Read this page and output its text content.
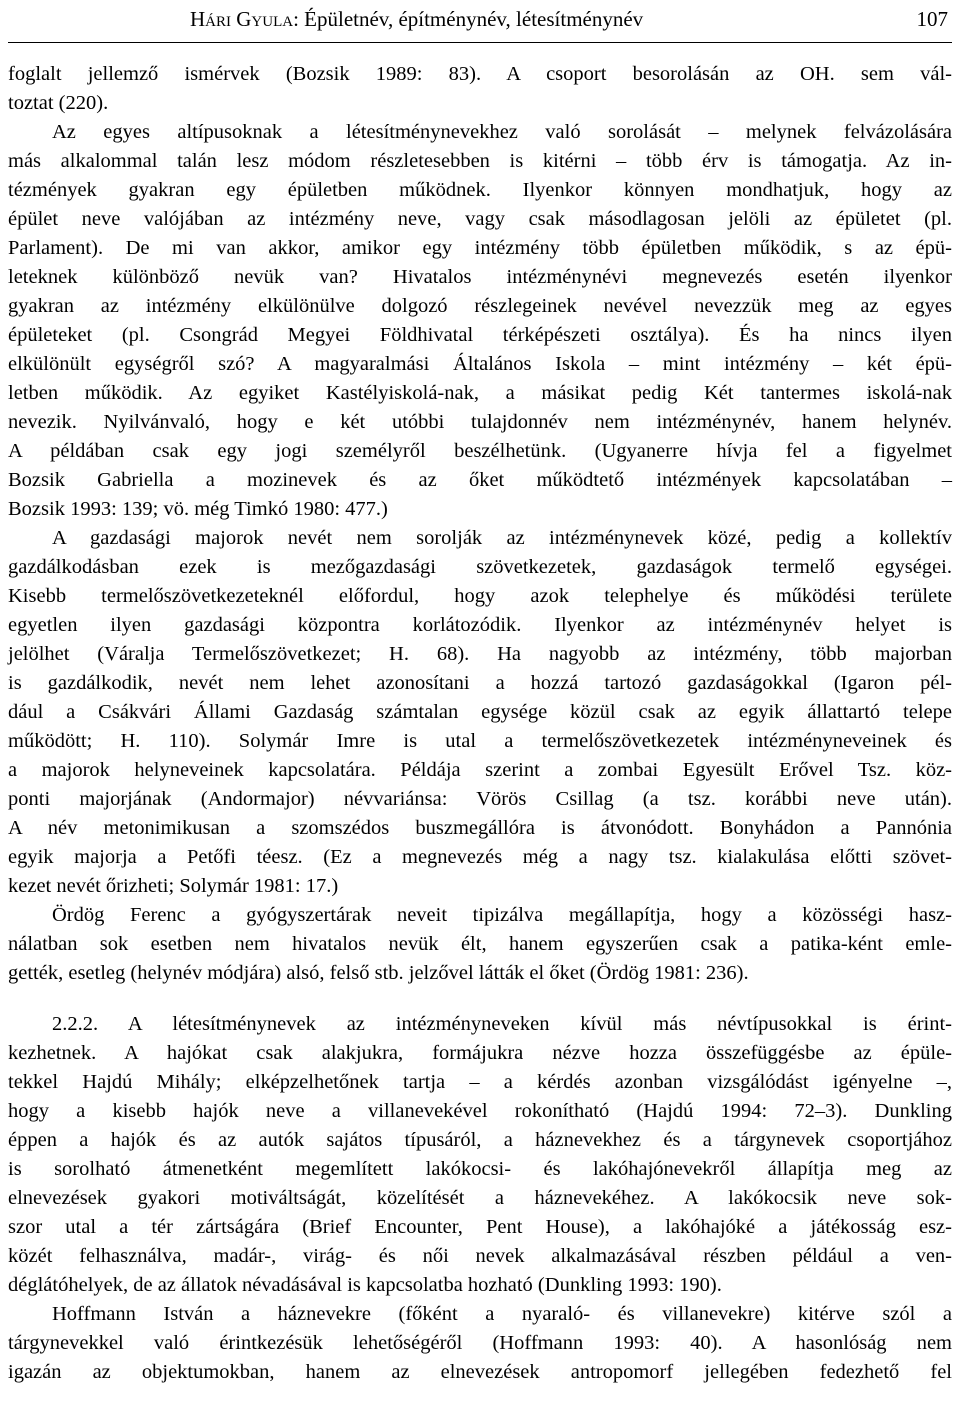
Hári Gyula: Épületnév, építménynév, létesítménynév	107
foglalt jellemző ismérvek (Bozsik 1989: 83). A csoport besorolásán az OH. sem vál-
toztat (220).
Az egyes altípusoknak a létesítménynevekhez való sorolását – melynek felvázolására
más alkalommal talán lesz módom részletesebben is kitérni – több érv is támogatja. Az in-
tézmények gyakran egy épületben működnek. Ilyenkor könnyen mondhatjuk, hogy az
épület neve valójában az intézmény neve, vagy csak másodlagosan jelöli az épületet (pl.
Parlament). De mi van akkor, amikor egy intézmény több épületben működik, s az épü-
leteknek különböző nevük van? Hivatalos intézménynévi megnevezés esetén ilyenkor
gyakran az intézmény elkülönülve dolgozó részlegeinek nevével nevezzük meg az egyes
épületeket (pl. Csongrád Megyei Földhivatal térképészeti osztálya). És ha nincs ilyen
elkülönült egységről szó? A magyaralmási Általános Iskola – mint intézmény – két épü-
letben működik. Az egyiket Kastélyiskolá-nak, a másikat pedig Két tantermes iskolá-nak
nevezik. Nyilvánvaló, hogy e két utóbbi tulajdonnév nem intézménynév, hanem helynév.
A példában csak egy jogi személyről beszélhetünk. (Ugyanerre hívja fel a figyelmet
Bozsik Gabriella a mozinevek és az őket működtető intézmények kapcsolatában –
Bozsik 1993: 139; vö. még Timkó 1980: 477.)
A gazdasági majorok nevét nem sorolják az intézménynevek közé, pedig a kollektív
gazdálkodásban ezek is mezőgazdasági szövetkezetek, gazdaságok termelő egységei.
Kisebb termelőszövetkezeteknél előfordul, hogy azok telephelye és működési területe
egyetlen ilyen gazdasági központra korlátozódik. Ilyenkor az intézménynév helyet is
jelölhet (Váralja Termelőszövetkezet; H. 68). Ha nagyobb az intézmény, több majorban
is gazdálkodik, nevét nem lehet azonosítani a hozzá tartozó gazdaságokkal (Igaron pél-
dául a Csákvári Állami Gazdaság számtalan egysége közül csak az egyik állattartó telepe
működött; H. 110). Solymár Imre is utal a termelőszövetkezetek intézményneveinek és
a majorok helyneveinek kapcsolatára. Példája szerint a zombai Egyesült Erővel Tsz. köz-
ponti majorjának (Andormajor) névvariánsa: Vörös Csillag (a tsz. korábbi neve után).
A név metonimikusan a szomszédos buszmegállóra is átvonódott. Bonyhádon a Pannónia
egyik majorja a Petőfi téesz. (Ez a megnevezés még a nagy tsz. kialakulása előtti szövet-
kezet nevét őrizheti; Solymár 1981: 17.)
Ördög Ferenc a gyógyszertárak neveit tipizálva megállapítja, hogy a közösségi hasz-
nálatban sok esetben nem hivatalos nevük élt, hanem egyszerűen csak a patika-ként emle-
gették, esetleg (helynév módjára) alsó, felső stb. jelzővel látták el őket (Ördög 1981: 236).
2.2.2. A létesítménynevek az intézményneveken kívül más névtípusokkal is érint-
kezhetnek. A hajókat csak alakjukra, formájukra nézve hozza összefüggésbe az épüle-
tekkel Hajdú Mihály; elképzelhetőnek tartja – a kérdés azonban vizsgálódást igényelne –,
hogy a kisebb hajók neve a villanevekével rokonítható (Hajdú 1994: 72–3). Dunkling
éppen a hajók és az autók sajátos típusáról, a háznevekhez és a tárgynevek csoportjához
is sorolható átmenetként megemlített lakókocsi- és lakóhajónevekről állapítja meg az
elnevezések gyakori motiváltságát, közelítését a háznevekéhez. A lakókocsik neve sok-
szor utal a tér zártságára (Brief Encounter, Pent House), a lakóhajóké a játékosság esz-
közét felhasználva, madár-, virág- és női nevek alkalmazásával részben például a ven-
déglátóhelyek, de az állatok névadásával is kapcsolatba hozható (Dunkling 1993: 190).
Hoffmann István a háznevekre (főként a nyaraló- és villanevekre) kitérve szól a
tárgynevekkel való érintkezésük lehetőségéről (Hoffmann 1993: 40). A hasonlóság nem
igazán az objektumokban, hanem az elnevezések antropomorf jellegében fedezhető fel
